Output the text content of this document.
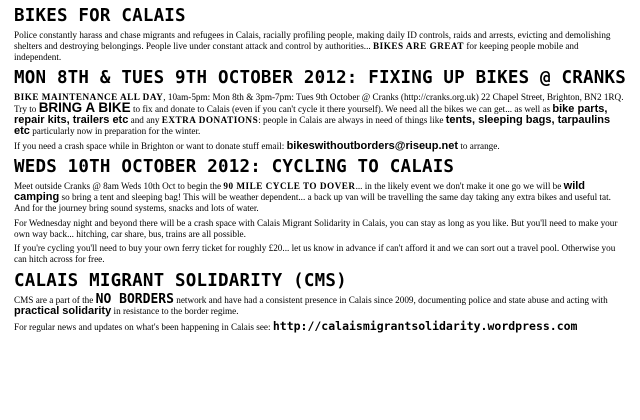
BIKES FOR CALAIS

Police constantly harass and chase migrants and refugees in Calais, racially profiling people, making daily ID controls, raids and arrests, evicting and demolishing shelters and destroying belongings. People live under constant attack and control by authorities... BIKES ARE GREAT for keeping people mobile and independent.

MON 8TH & TUES 9TH OCTOBER 2012: FIXING UP BIKES @ CRANKS

BIKE MAINTENANCE ALL DAY, 10am-5pm: Mon 8th & 3pm-7pm: Tues 9th October @ Cranks (http://cranks.org.uk) 22 Chapel Street, Brighton, BN2 1RQ. Try to BRING A BIKE to fix and donate to Calais (even if you can't cycle it there yourself). We need all the bikes we can get... as well as bike parts, repair kits, trailers etc and any EXTRA DONATIONS: people in Calais are always in need of things like tents, sleeping bags, tarpaulins etc particularly now in preparation for the winter.

If you need a crash space while in Brighton or want to donate stuff email: bikeswithoutborders@riseup.net to arrange.

WEDS 10TH OCTOBER 2012: CYCLING TO CALAIS

Meet outside Cranks @ 8am Weds 10th Oct to begin the 90 MILE CYCLE TO DOVER... in the likely event we don't make it one go we will be wild camping so bring a tent and sleeping bag! This will be weather dependent... a back up van will be travelling the same day taking any extra bikes and useful tat. And for the journey bring sound systems, snacks and lots of water.

For Wednesday night and beyond there will be a crash space with Calais Migrant Solidarity in Calais, you can stay as long as you like. But you'll need to make your own way back... hitching, car share, bus, trains are all possible.

If you're cycling you'll need to buy your own ferry ticket for roughly £20... let us know in advance if can't afford it and we can sort out a travel pool. Otherwise you can hitch across for free.

CALAIS MIGRANT SOLIDARITY (CMS)

CMS are a part of the NO BORDERS network and have had a consistent presence in Calais since 2009, documenting police and state abuse and acting with practical solidarity in resistance to the border regime.

For regular news and updates on what's been happening in Calais see: http://calaismigrantsolidarity.wordpress.com
